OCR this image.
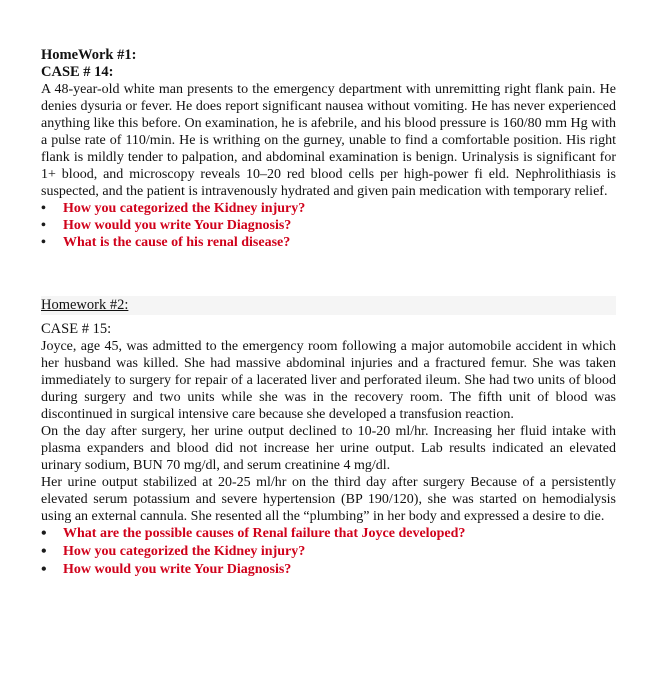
HomeWork #1:
CASE # 14:

A 48-year-old white man presents to the emergency department with unremitting right flank pain. He denies dysuria or fever. He does report significant nausea without vomiting. He has never experienced anything like this before. On examination, he is afebrile, and his blood pressure is 160/80 mm Hg with a pulse rate of 110/min. He is writhing on the gurney, unable to find a comfortable position. His right flank is mildly tender to palpation, and abdominal examination is benign. Urinalysis is significant for 1+ blood, and microscopy reveals 10–20 red blood cells per high-power fi eld. Nephrolithiasis is suspected, and the patient is intravenously hydrated and given pain medication with temporary relief.

• How you categorized the Kidney injury?
• How would you write Your Diagnosis?
• What is the cause of his renal disease?
Homework #2:
CASE # 15:

Joyce, age 45, was admitted to the emergency room following a major automobile accident in which her husband was killed. She had massive abdominal injuries and a fractured femur. She was taken immediately to surgery for repair of a lacerated liver and perforated ileum. She had two units of blood during surgery and two units while she was in the recovery room. The fifth unit of blood was discontinued in surgical intensive care because she developed a transfusion reaction.

On the day after surgery, her urine output declined to 10-20 ml/hr. Increasing her fluid intake with plasma expanders and blood did not increase her urine output. Lab results indicated an elevated urinary sodium, BUN 70 mg/dl, and serum creatinine 4 mg/dl.

Her urine output stabilized at 20-25 ml/hr on the third day after surgery Because of a persistently elevated serum potassium and severe hypertension (BP 190/120), she was started on hemodialysis using an external cannula. She resented all the “plumbing” in her body and expressed a desire to die.

• What are the possible causes of Renal failure that Joyce developed?
• How you categorized the Kidney injury?
• How would you write Your Diagnosis?
